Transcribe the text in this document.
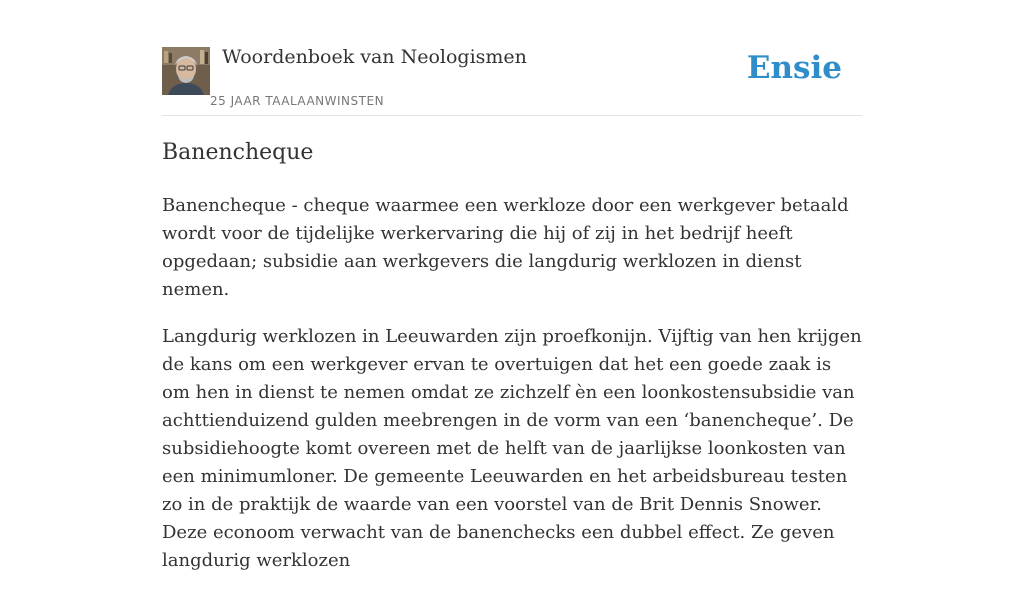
Woordenboek van Neologismen
25 JAAR TAALAANWINSTEN
Ensie
Banencheque

Banencheque - cheque waarmee een werkloze door een werkgever betaald wordt voor de tijdelijke werkervaring die hij of zij in het bedrijf heeft opgedaan; subsidie aan werkgevers die langdurig werklozen in dienst nemen.

Langdurig werklozen in Leeuwarden zijn proefkonijn. Vijftig van hen krijgen de kans om een werkgever ervan te overtuigen dat het een goede zaak is om hen in dienst te nemen omdat ze zichzelf èn een loonkostensubsidie van achttienduizend gulden meebrengen in de vorm van een ‘banencheque’. De subsidiehoogte komt overeen met de helft van de jaarlijkse loonkosten van een minimumloner. De gemeente Leeuwarden en het arbeidsbureau testen zo in de praktijk de waarde van een voorstel van de Brit Dennis Snower. Deze econoom verwacht van de banenchecks een dubbel effect. Ze geven langdurig werklozen
